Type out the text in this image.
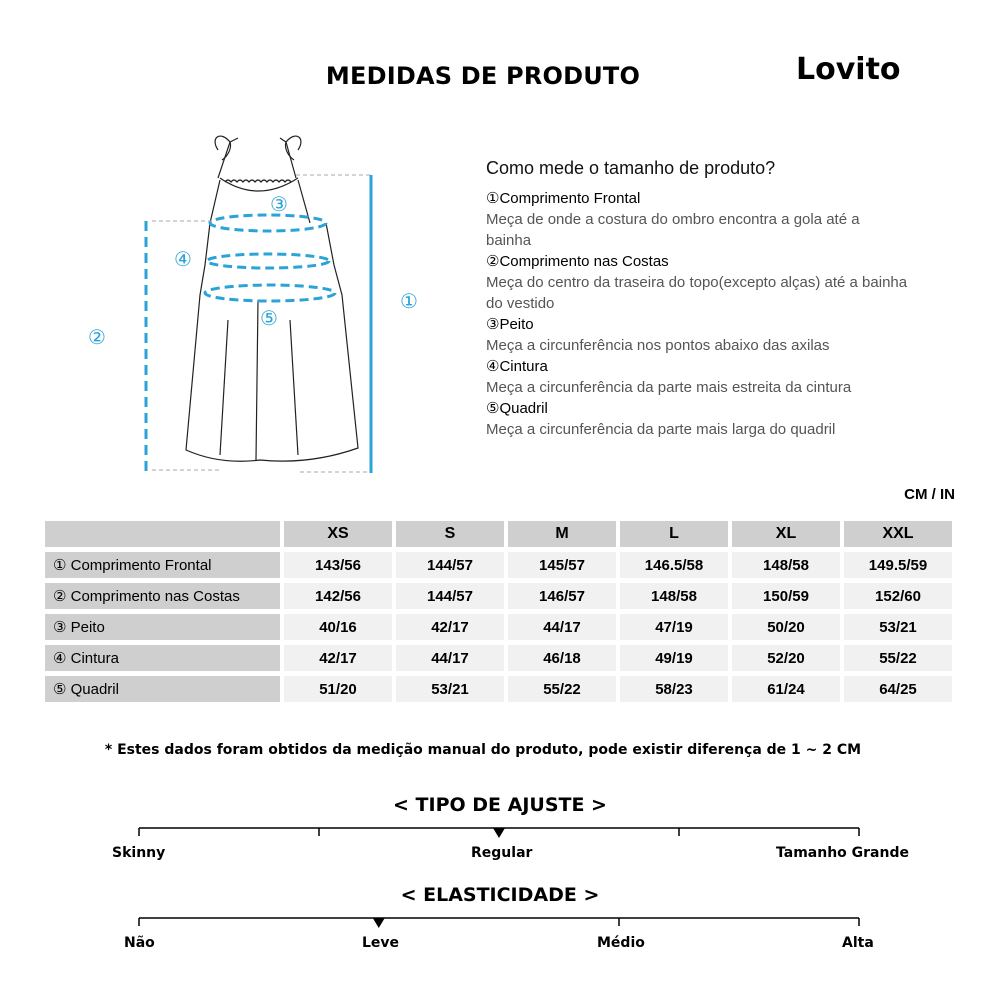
MEDIDAS DE PRODUTO	Lovito
①
②
③
④
⑤
Como mede o tamanho de produto?
①Comprimento Frontal
Meça de onde a costura do ombro encontra a gola até a
bainha
②Comprimento nas Costas
Meça do centro da traseira do topo(excepto alças) até a bainha
do vestido
③Peito
Meça a circunferência nos pontos abaixo das axilas
④Cintura
Meça a circunferência da parte mais estreita da cintura
⑤Quadril
Meça a circunferência da parte mais larga do quadril
CM / IN
	XS	S	M	L	XL	XXL
① Comprimento Frontal	143/56	144/57	145/57	146.5/58	148/58	149.5/59
② Comprimento nas Costas	142/56	144/57	146/57	148/58	150/59	152/60
③ Peito	40/16	42/17	44/17	47/19	50/20	53/21
④ Cintura	42/17	44/17	46/18	49/19	52/20	55/22
⑤ Quadril	51/20	53/21	55/22	58/23	61/24	64/25
* Estes dados foram obtidos da medição manual do produto, pode existir diferença de 1 ~ 2 CM
< TIPO DE AJUSTE >
Skinny	Regular	Tamanho Grande
< ELASTICIDADE >
Não	Leve	Médio	Alta
